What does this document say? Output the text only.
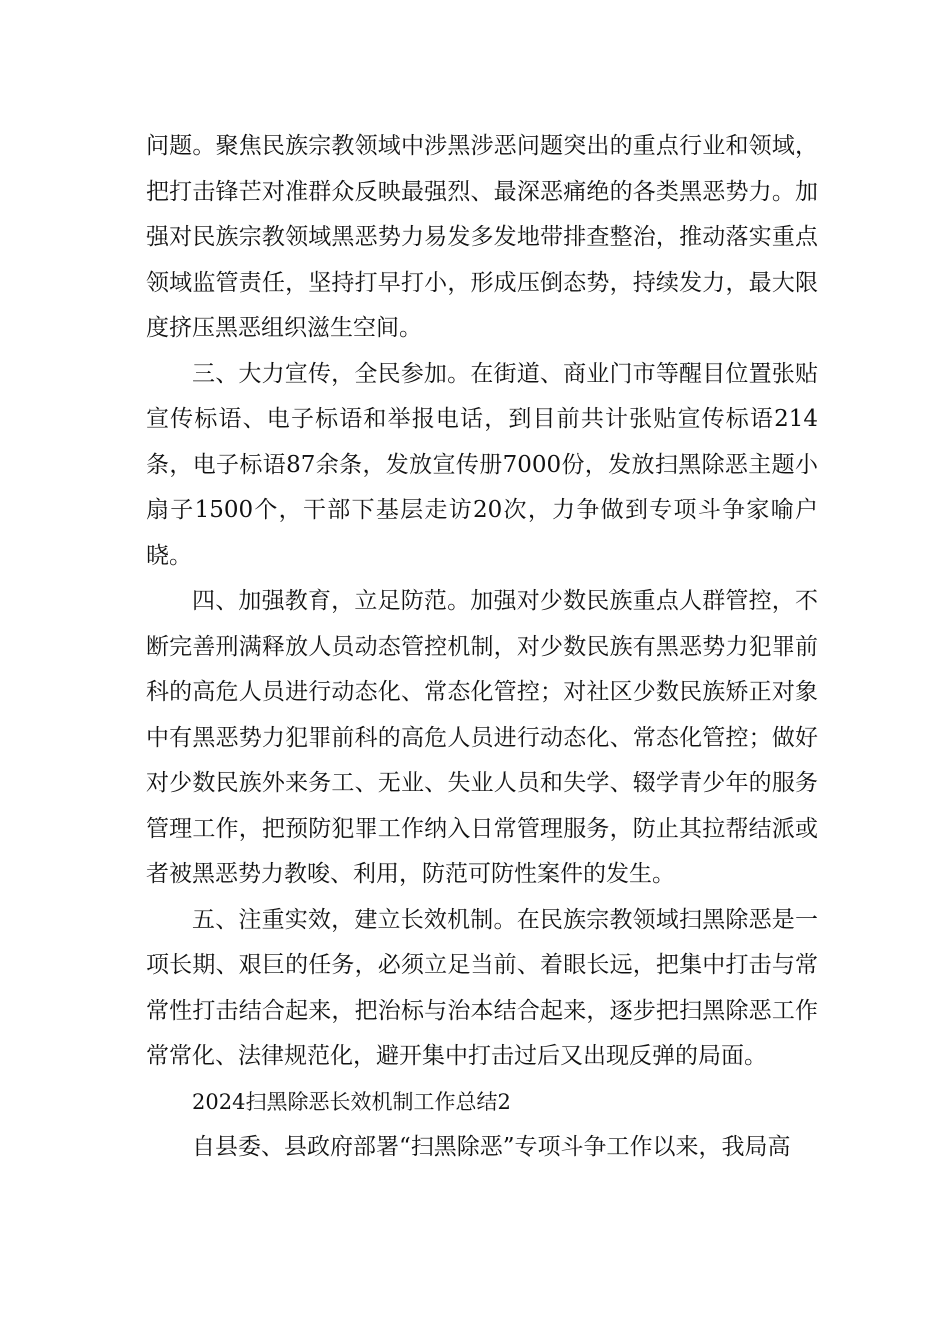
问题。聚焦民族宗教领域中涉黑涉恶问题突出的重点行业和领域，把打击锋芒对准群众反映最强烈、最深恶痛绝的各类黑恶势力。加强对民族宗教领域黑恶势力易发多发地带排查整治，推动落实重点领域监管责任，坚持打早打小，形成压倒态势，持续发力，最大限度挤压黑恶组织滋生空间。

三、大力宣传，全民参加。在街道、商业门市等醒目位置张贴宣传标语、电子标语和举报电话，到目前共计张贴宣传标语214条，电子标语87余条，发放宣传册7000份，发放扫黑除恶主题小扇子1500个，干部下基层走访20次，力争做到专项斗争家喻户晓。

四、加强教育，立足防范。加强对少数民族重点人群管控，不断完善刑满释放人员动态管控机制，对少数民族有黑恶势力犯罪前科的高危人员进行动态化、常态化管控；对社区少数民族矫正对象中有黑恶势力犯罪前科的高危人员进行动态化、常态化管控；做好对少数民族外来务工、无业、失业人员和失学、辍学青少年的服务管理工作，把预防犯罪工作纳入日常管理服务，防止其拉帮结派或者被黑恶势力教唆、利用，防范可防性案件的发生。

五、注重实效，建立长效机制。在民族宗教领域扫黑除恶是一项长期、艰巨的任务，必须立足当前、着眼长远，把集中打击与常常性打击结合起来，把治标与治本结合起来，逐步把扫黑除恶工作常常化、法律规范化，避开集中打击过后又出现反弹的局面。

2024扫黑除恶长效机制工作总结2

自县委、县政府部署“扫黑除恶”专项斗争工作以来，我局高
